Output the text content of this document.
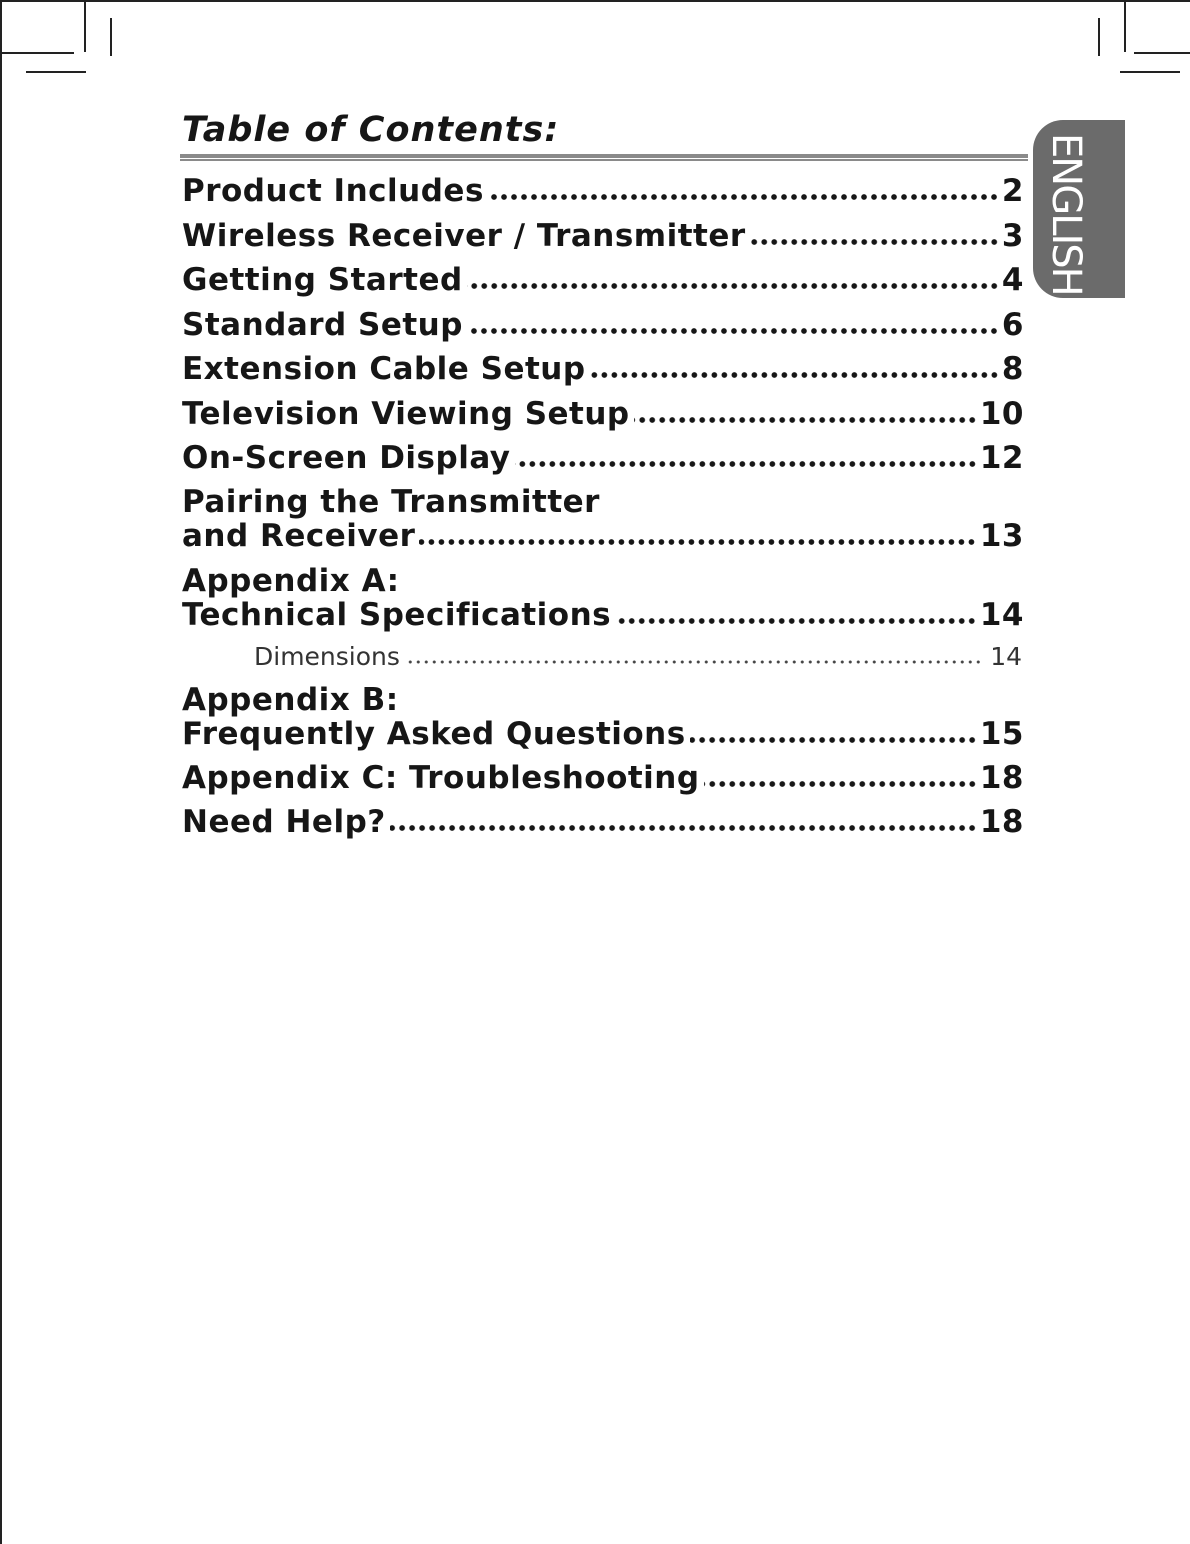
Table of Contents:
ENGLISH
Product Includes	2
Wireless Receiver / Transmitter	3
Getting Started	4
Standard Setup	6
Extension Cable Setup	8
Television Viewing Setup	10
On-Screen Display	12
Pairing the Transmitter
and Receiver	13
Appendix A:
Technical Specifications	14
Dimensions	14
Appendix B:
Frequently Asked Questions	15
Appendix C: Troubleshooting	18
Need Help?	18
